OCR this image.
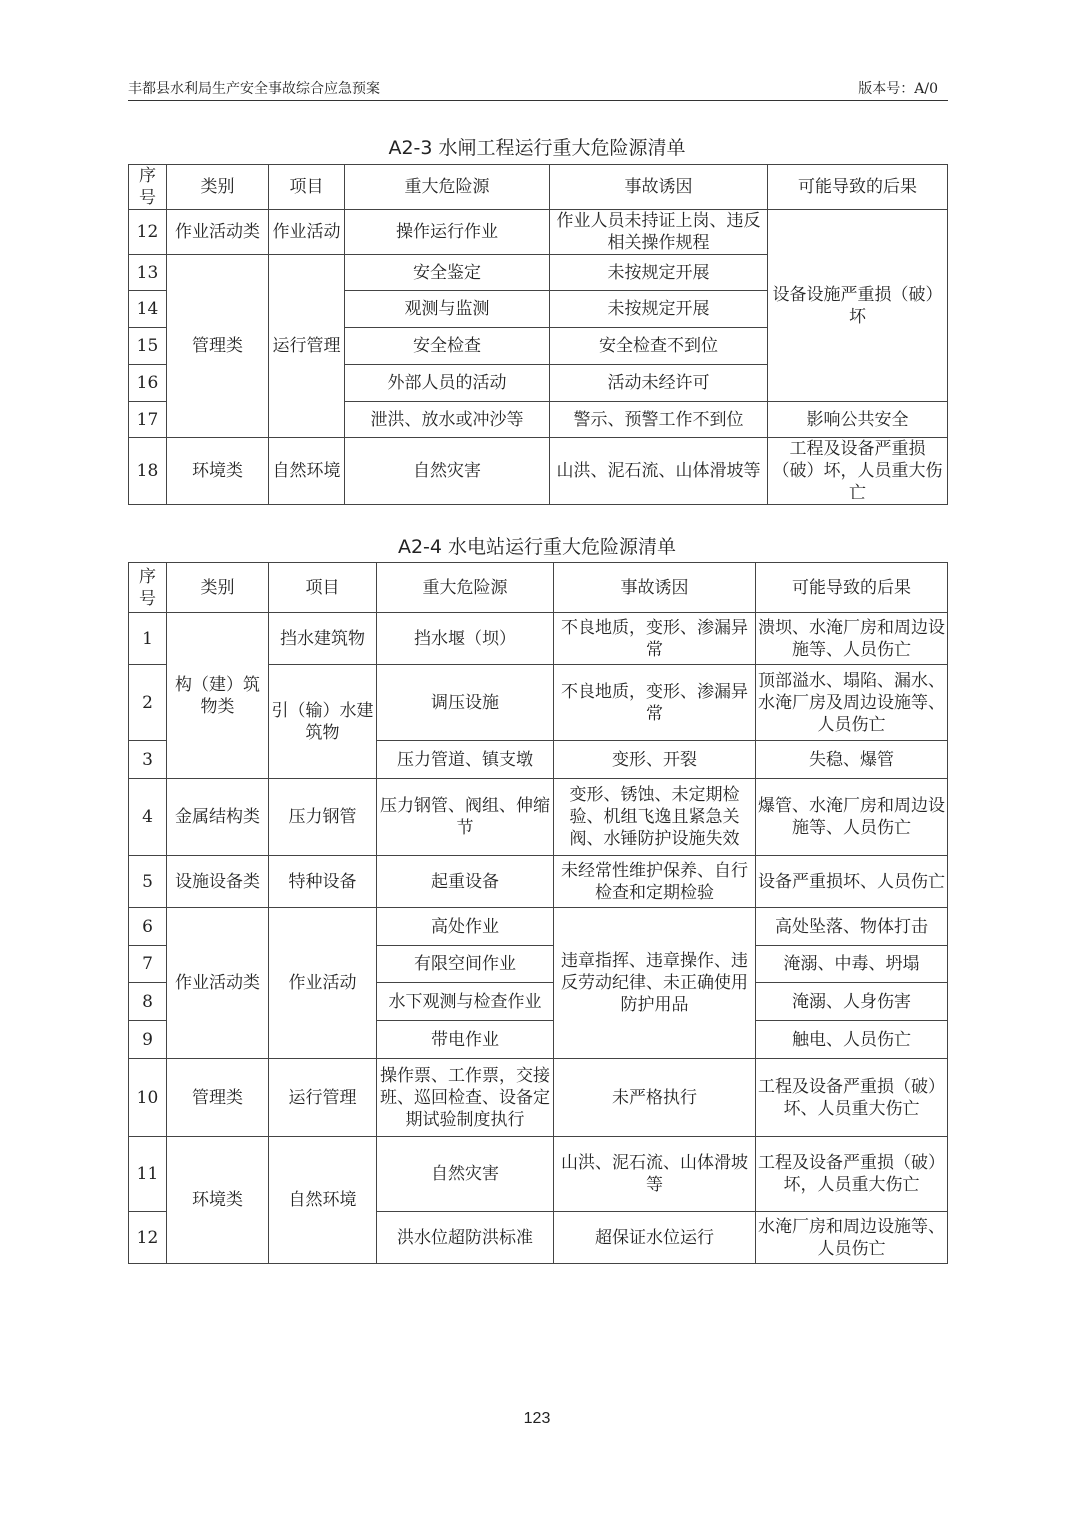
丰都县水利局生产安全事故综合应急预案	版本号：A/0
A2-3 水闸工程运行重大危险源清单
序号	类别	项目	重大危险源	事故诱因	可能导致的后果
12	作业活动类	作业活动	操作运行作业	作业人员未持证上岗、违反相关操作规程	设备设施严重损（破）坏
13	管理类	运行管理	安全鉴定	未按规定开展	
14			观测与监测	未按规定开展	
15			安全检查	安全检查不到位	
16			外部人员的活动	活动未经许可	
17			泄洪、放水或冲沙等	警示、预警工作不到位	影响公共安全
18	环境类	自然环境	自然灾害	山洪、泥石流、山体滑坡等	工程及设备严重损（破）坏，人员重大伤亡
A2-4 水电站运行重大危险源清单
序号	类别	项目	重大危险源	事故诱因	可能导致的后果
1	构（建）筑物类	挡水建筑物	挡水堰（坝）	不良地质，变形、渗漏异常	溃坝、水淹厂房和周边设施等、人员伤亡
2		引（输）水建筑物	调压设施	不良地质，变形、渗漏异常	顶部溢水、塌陷、漏水、水淹厂房及周边设施等、人员伤亡
3			压力管道、镇支墩	变形、开裂	失稳、爆管
4	金属结构类	压力钢管	压力钢管、阀组、伸缩节	变形、锈蚀、未定期检验、机组飞逸且紧急关阀、水锤防护设施失效	爆管、水淹厂房和周边设施等、人员伤亡
5	设施设备类	特种设备	起重设备	未经常性维护保养、自行检查和定期检验	设备严重损坏、人员伤亡
6	作业活动类	作业活动	高处作业	违章指挥、违章操作、违反劳动纪律、未正确使用防护用品	高处坠落、物体打击
7			有限空间作业		淹溺、中毒、坍塌
8			水下观测与检查作业		淹溺、人身伤害
9			带电作业		触电、人员伤亡
10	管理类	运行管理	操作票、工作票，交接班、巡回检查、设备定期试验制度执行	未严格执行	工程及设备严重损（破）坏、人员重大伤亡
11	环境类	自然环境	自然灾害	山洪、泥石流、山体滑坡等	工程及设备严重损（破）坏，人员重大伤亡
12			洪水位超防洪标准	超保证水位运行	水淹厂房和周边设施等、人员伤亡
123
